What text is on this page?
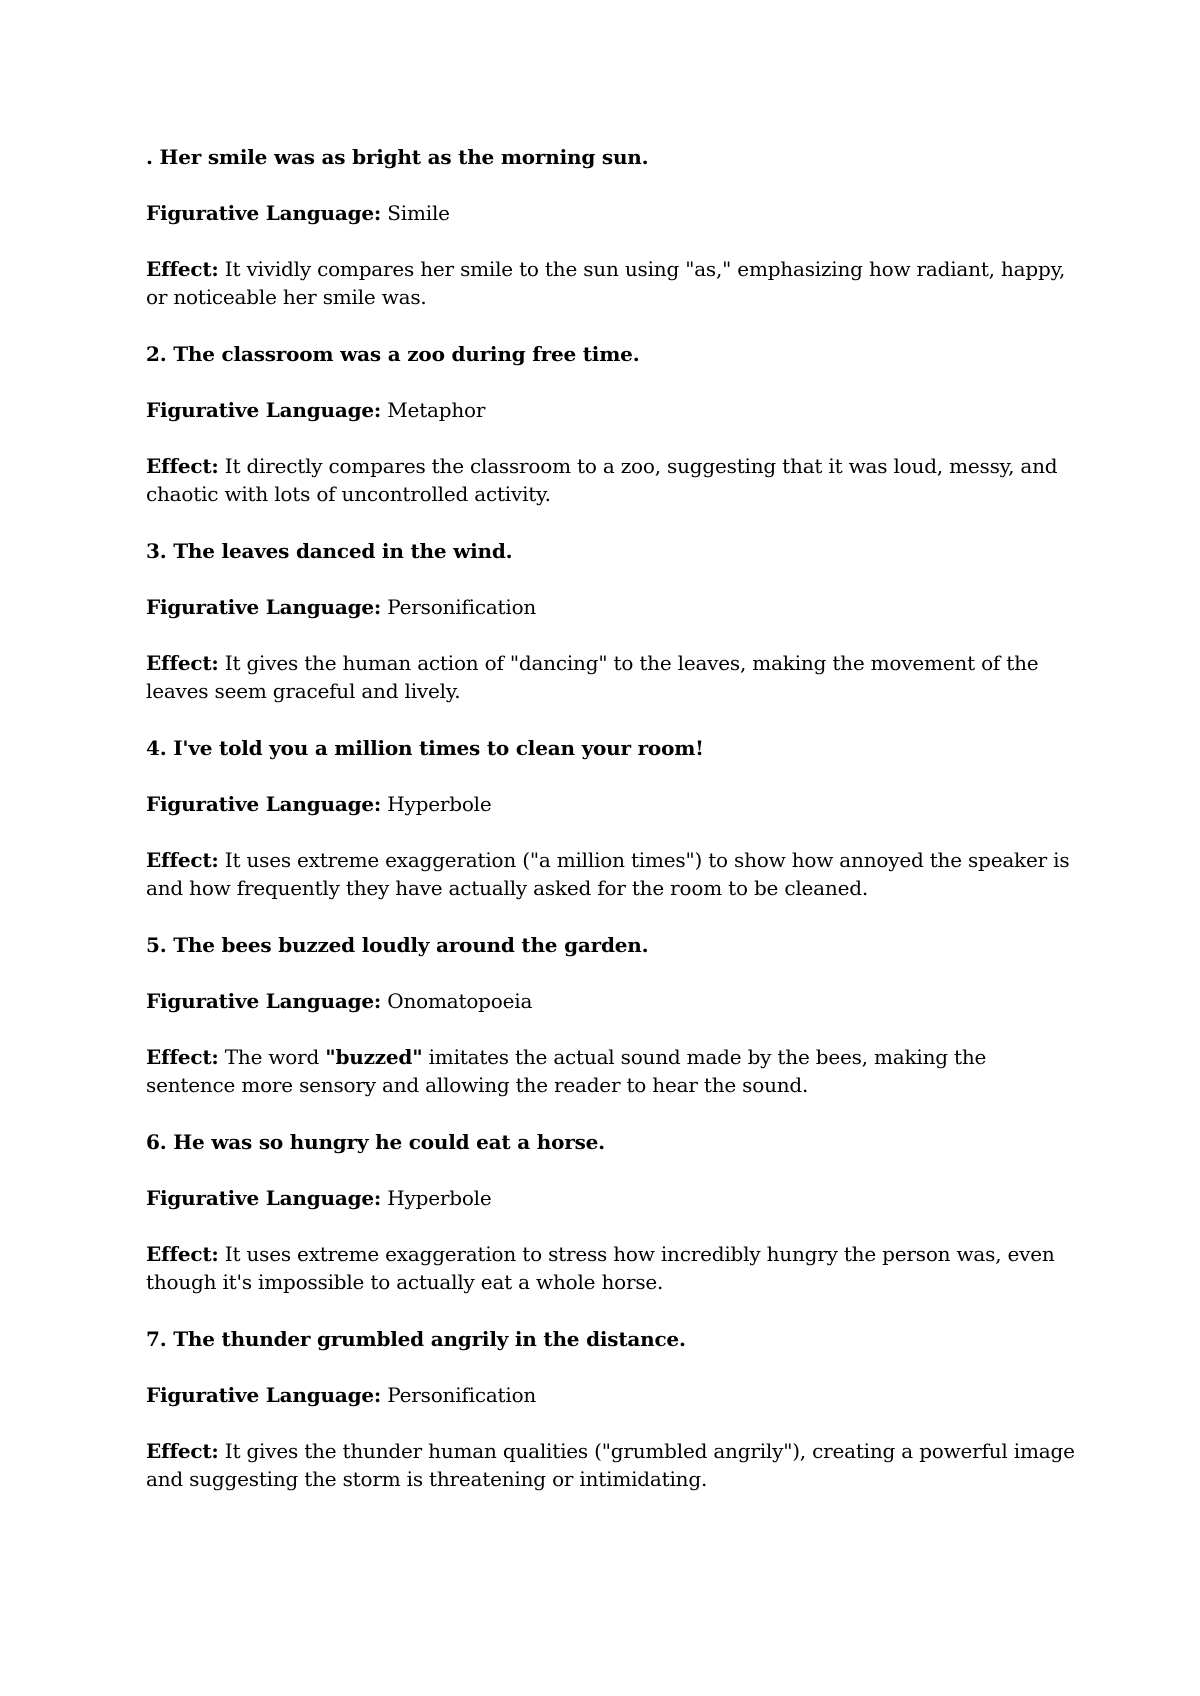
. Her smile was as bright as the morning sun.

Figurative Language: Simile

Effect: It vividly compares her smile to the sun using "as," emphasizing how radiant, happy, or noticeable her smile was.

2. The classroom was a zoo during free time.

Figurative Language: Metaphor

Effect: It directly compares the classroom to a zoo, suggesting that it was loud, messy, and chaotic with lots of uncontrolled activity.

3. The leaves danced in the wind.

Figurative Language: Personification

Effect: It gives the human action of "dancing" to the leaves, making the movement of the leaves seem graceful and lively.

4. I've told you a million times to clean your room!

Figurative Language: Hyperbole

Effect: It uses extreme exaggeration ("a million times") to show how annoyed the speaker is and how frequently they have actually asked for the room to be cleaned.

5. The bees buzzed loudly around the garden.

Figurative Language: Onomatopoeia

Effect: The word "buzzed" imitates the actual sound made by the bees, making the sentence more sensory and allowing the reader to hear the sound.

6. He was so hungry he could eat a horse.

Figurative Language: Hyperbole

Effect: It uses extreme exaggeration to stress how incredibly hungry the person was, even though it's impossible to actually eat a whole horse.

7. The thunder grumbled angrily in the distance.

Figurative Language: Personification

Effect: It gives the thunder human qualities ("grumbled angrily"), creating a powerful image and suggesting the storm is threatening or intimidating.
